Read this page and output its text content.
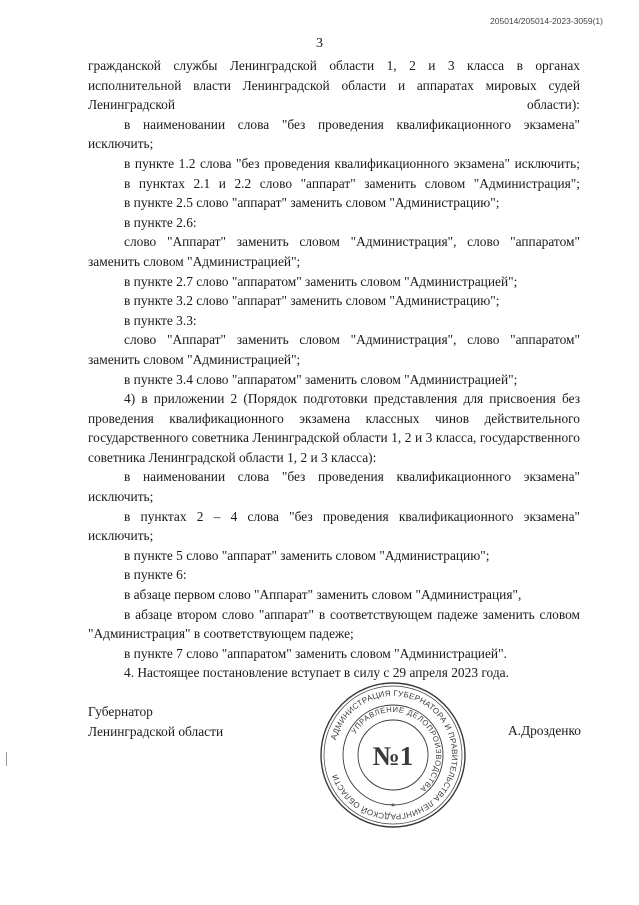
205014/205014-2023-3059(1)
3

гражданской службы Ленинградской области 1, 2 и 3 класса в органах исполнительной власти Ленинградской области и аппаратах мировых судей Ленинградской области):

в наименовании слова "без проведения квалификационного экзамена" исключить;

в пункте 1.2 слова "без проведения квалификационного экзамена" исключить;

в пунктах 2.1 и 2.2 слово "аппарат" заменить словом "Администрация";

в пункте 2.5 слово "аппарат" заменить словом "Администрацию";

в пункте 2.6:

слово "Аппарат" заменить словом "Администрация", слово "аппаратом" заменить словом "Администрацией";

в пункте 2.7 слово "аппаратом" заменить словом "Администрацией";

в пункте 3.2 слово "аппарат" заменить словом "Администрацию";

в пункте 3.3:

слово "Аппарат" заменить словом "Администрация", слово "аппаратом" заменить словом "Администрацией";

в пункте 3.4 слово "аппаратом" заменить словом "Администрацией";

4) в приложении 2 (Порядок подготовки представления для присвоения без проведения квалификационного экзамена классных чинов действительного государственного советника Ленинградской области 1, 2 и 3 класса, государственного советника Ленинградской области 1, 2 и 3 класса):

в наименовании слова "без проведения квалификационного экзамена" исключить;

в пунктах 2 – 4 слова "без проведения квалификационного экзамена" исключить;

в пункте 5 слово "аппарат" заменить словом "Администрацию";

в пункте 6:

в абзаце первом слово "Аппарат" заменить словом "Администрация",

в абзаце втором слово "аппарат" в соответствующем падеже заменить словом "Администрация" в соответствующем падеже;

в пункте 7 слово "аппаратом" заменить словом "Администрацией".

4. Настоящее постановление вступает в силу с 29 апреля 2023 года.

Губернатор
Ленинградской области	А.Дрозденко
АДМИНИСТРАЦИЯ ГУБЕРНАТОРА И ПРАВИТЕЛЬСТВА ЛЕНИНГРАДСКОЙ ОБЛАСТИ
УПРАВЛЕНИЕ ДЕЛОПРОИЗВОДСТВА
№1
*
